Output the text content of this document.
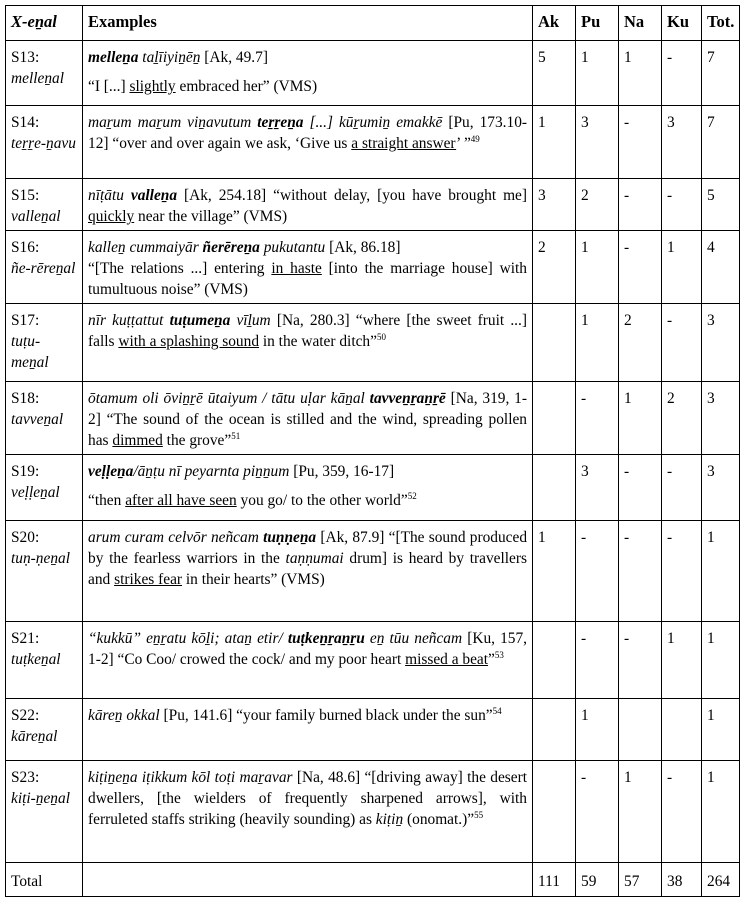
X-eṉal	Examples	Ak	Pu	Na	Ku	Tot.
S13:
melleṉal	melleṉa taḻīiyiṉēṉ [Ak, 49.7]

“I [...] slightly embraced her” (VMS)	5	1	1	-	7
S14:
teṟṟe-ṉavu	maṟum maṟum viṉavutum teṟṟeṉa [...] kūṟumiṉ emakkē [Pu, 173.10-12] “over and over again we ask, ‘Give us a straight answer’ ”$^{49}$	1	3	-	3	7
S15:
valleṉal	nīṭātu valleṉa [Ak, 254.18] “without delay, [you have brought me] quickly near the village” (VMS)	3	2	-	-	5
S16:
ñe-rēreṉal	kalleṉ cummaiyār ñerēreṉa pukutantu [Ak, 86.18]
“[The relations ...] entering in haste [into the marriage house] with tumultuous noise” (VMS)	2	1	-	1	4
S17:
tuṭu-meṉal	nīr kuṭṭattut tuṭumeṉa vīḻum [Na, 280.3] “where [the sweet fruit ...] falls with a splashing sound in the water ditch”$^{50}$		1	2	-	3
S18:
tavveṉal	ōtamum oli ōviṉṟē ūtaiyum / tātu uḷar kāṉal tavveṉṟaṉṟē [Na, 319, 1-2] “The sound of the ocean is stilled and the wind, spreading pollen has dimmed the grove”$^{51}$		-	1	2	3
S19:
veḷḷeṉal	veḷḷeṉa/āṉṭu nī peyarnta piṉṉum [Pu, 359, 16-17]

“then after all have seen you go/ to the other world”$^{52}$		3	-	-	3
S20:
tuṇ-ṇeṉal	arum curam celvōr neñcam tuṇṇeṉa [Ak, 87.9] “[The sound produced by the fearless warriors in the taṇṇumai drum] is heard by travellers and strikes fear in their hearts” (VMS)	1	-	-	-	1
S21:
tuṭkeṉal	“kukkū” eṉṟatu kōḻi; ataṉ etir/ tuṭkeṉṟaṉṟu eṉ tūu neñcam [Ku, 157, 1-2] “Co Coo/ crowed the cock/ and my poor heart missed a beat”$^{53}$		-	-	1	1
S22:
kāreṉal	kāreṉ okkal [Pu, 141.6] “your family burned black under the sun”$^{54}$		1			1
S23:
kiṭi-ṉeṉal	kiṭiṉeṉa iṭikkum kōl toṭi maṟavar [Na, 48.6] “[driving away] the desert dwellers, [the wielders of frequently sharpened arrows], with ferruleted staffs striking (heavily sounding) as kiṭiṉ (onomat.)”$^{55}$		-	1	-	1
Total		111	59	57	38	264
